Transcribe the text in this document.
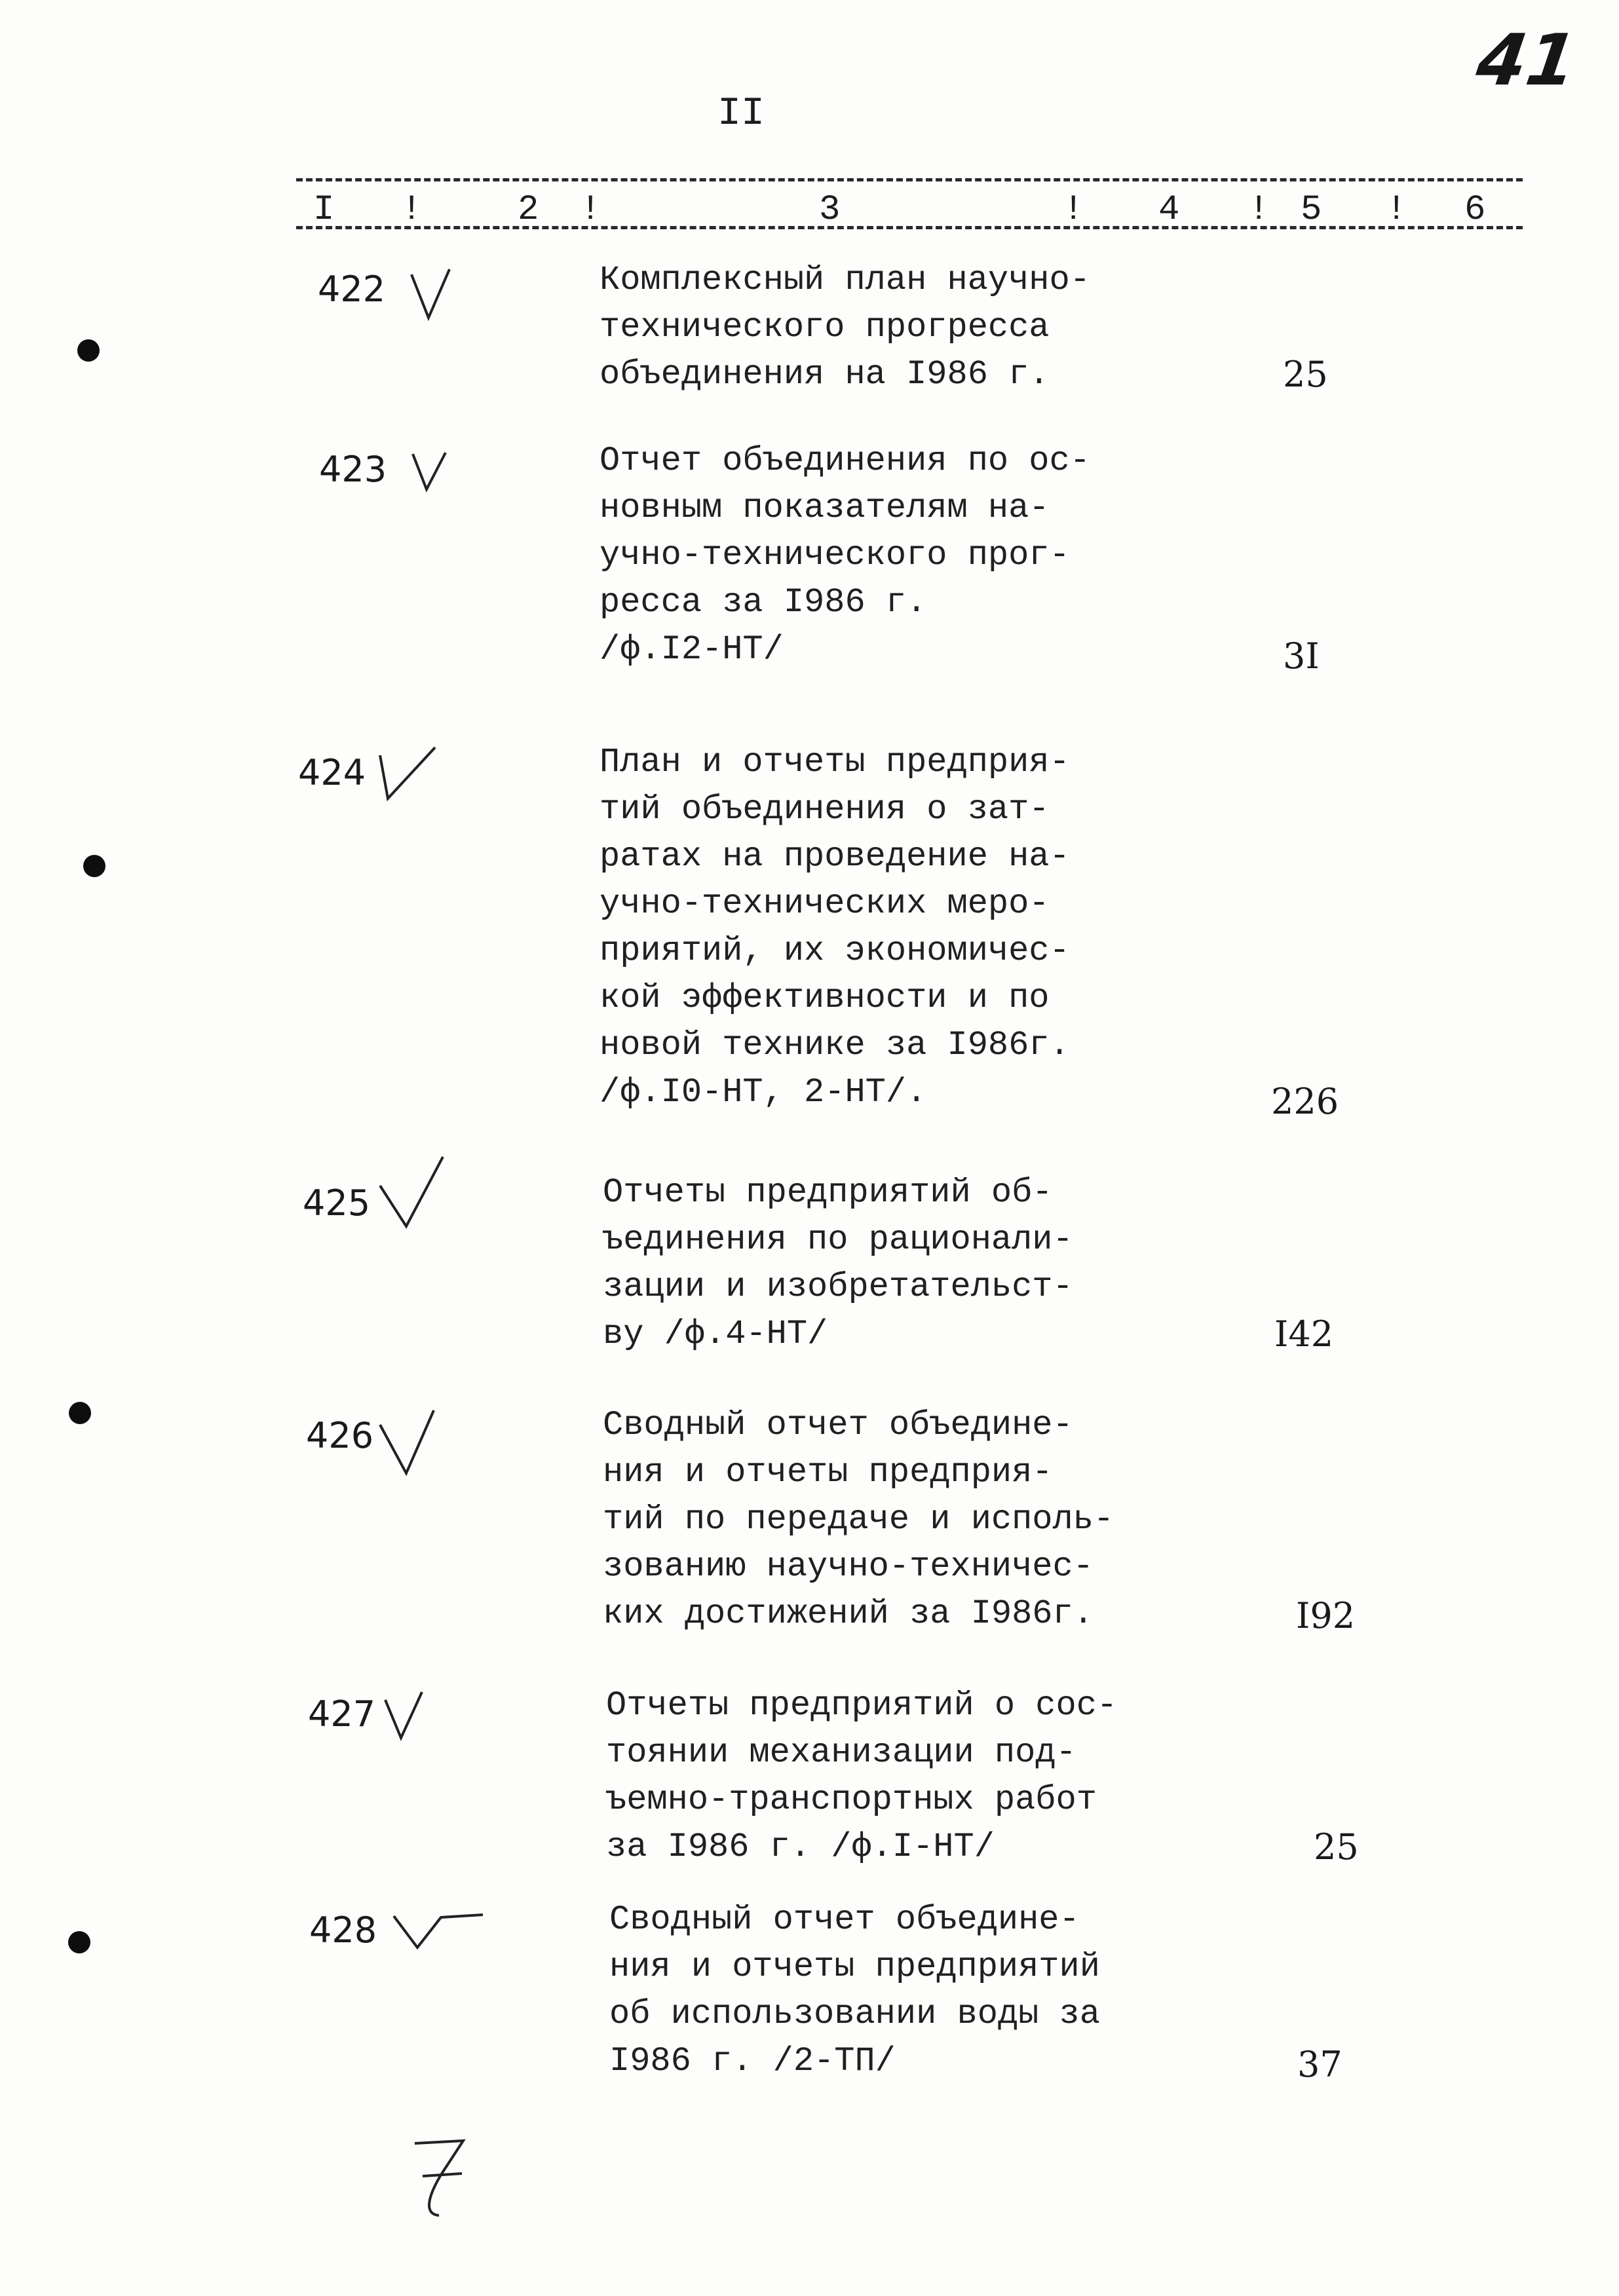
41
II
I !	2 !	3	! 4 ! 5 ! 6
422	Комплексный план научно-
технического прогресса
объединения на I986 г.	25
423	Отчет объединения по ос-
новным показателям на-
учно-технического прог-
ресса за I986 г.
/ф.I2-НТ/	3I
424	План и отчеты предприя-
тий объединения о зат-
ратах на проведение на-
учно-технических меро-
приятий, их экономичес-
кой эффективности и по
новой технике за I986г.
/ф.I0-НТ, 2-НТ/.	226
425	Отчеты предприятий об-
ъединения по рационали-
зации и изобретательст-
ву /ф.4-НТ/	I42
426	Сводный отчет объедине-
ния и отчеты предприя-
тий по передаче и исполь-
зованию научно-техничес-
ких достижений за I986г.	I92
427	Отчеты предприятий о сос-
тоянии механизации под-
ъемно-транспортных работ
за I986 г. /ф.I-НТ/	25
428	Сводный отчет объедине-
ния и отчеты предприятий
об использовании воды за
I986 г. /2-ТП/	37
